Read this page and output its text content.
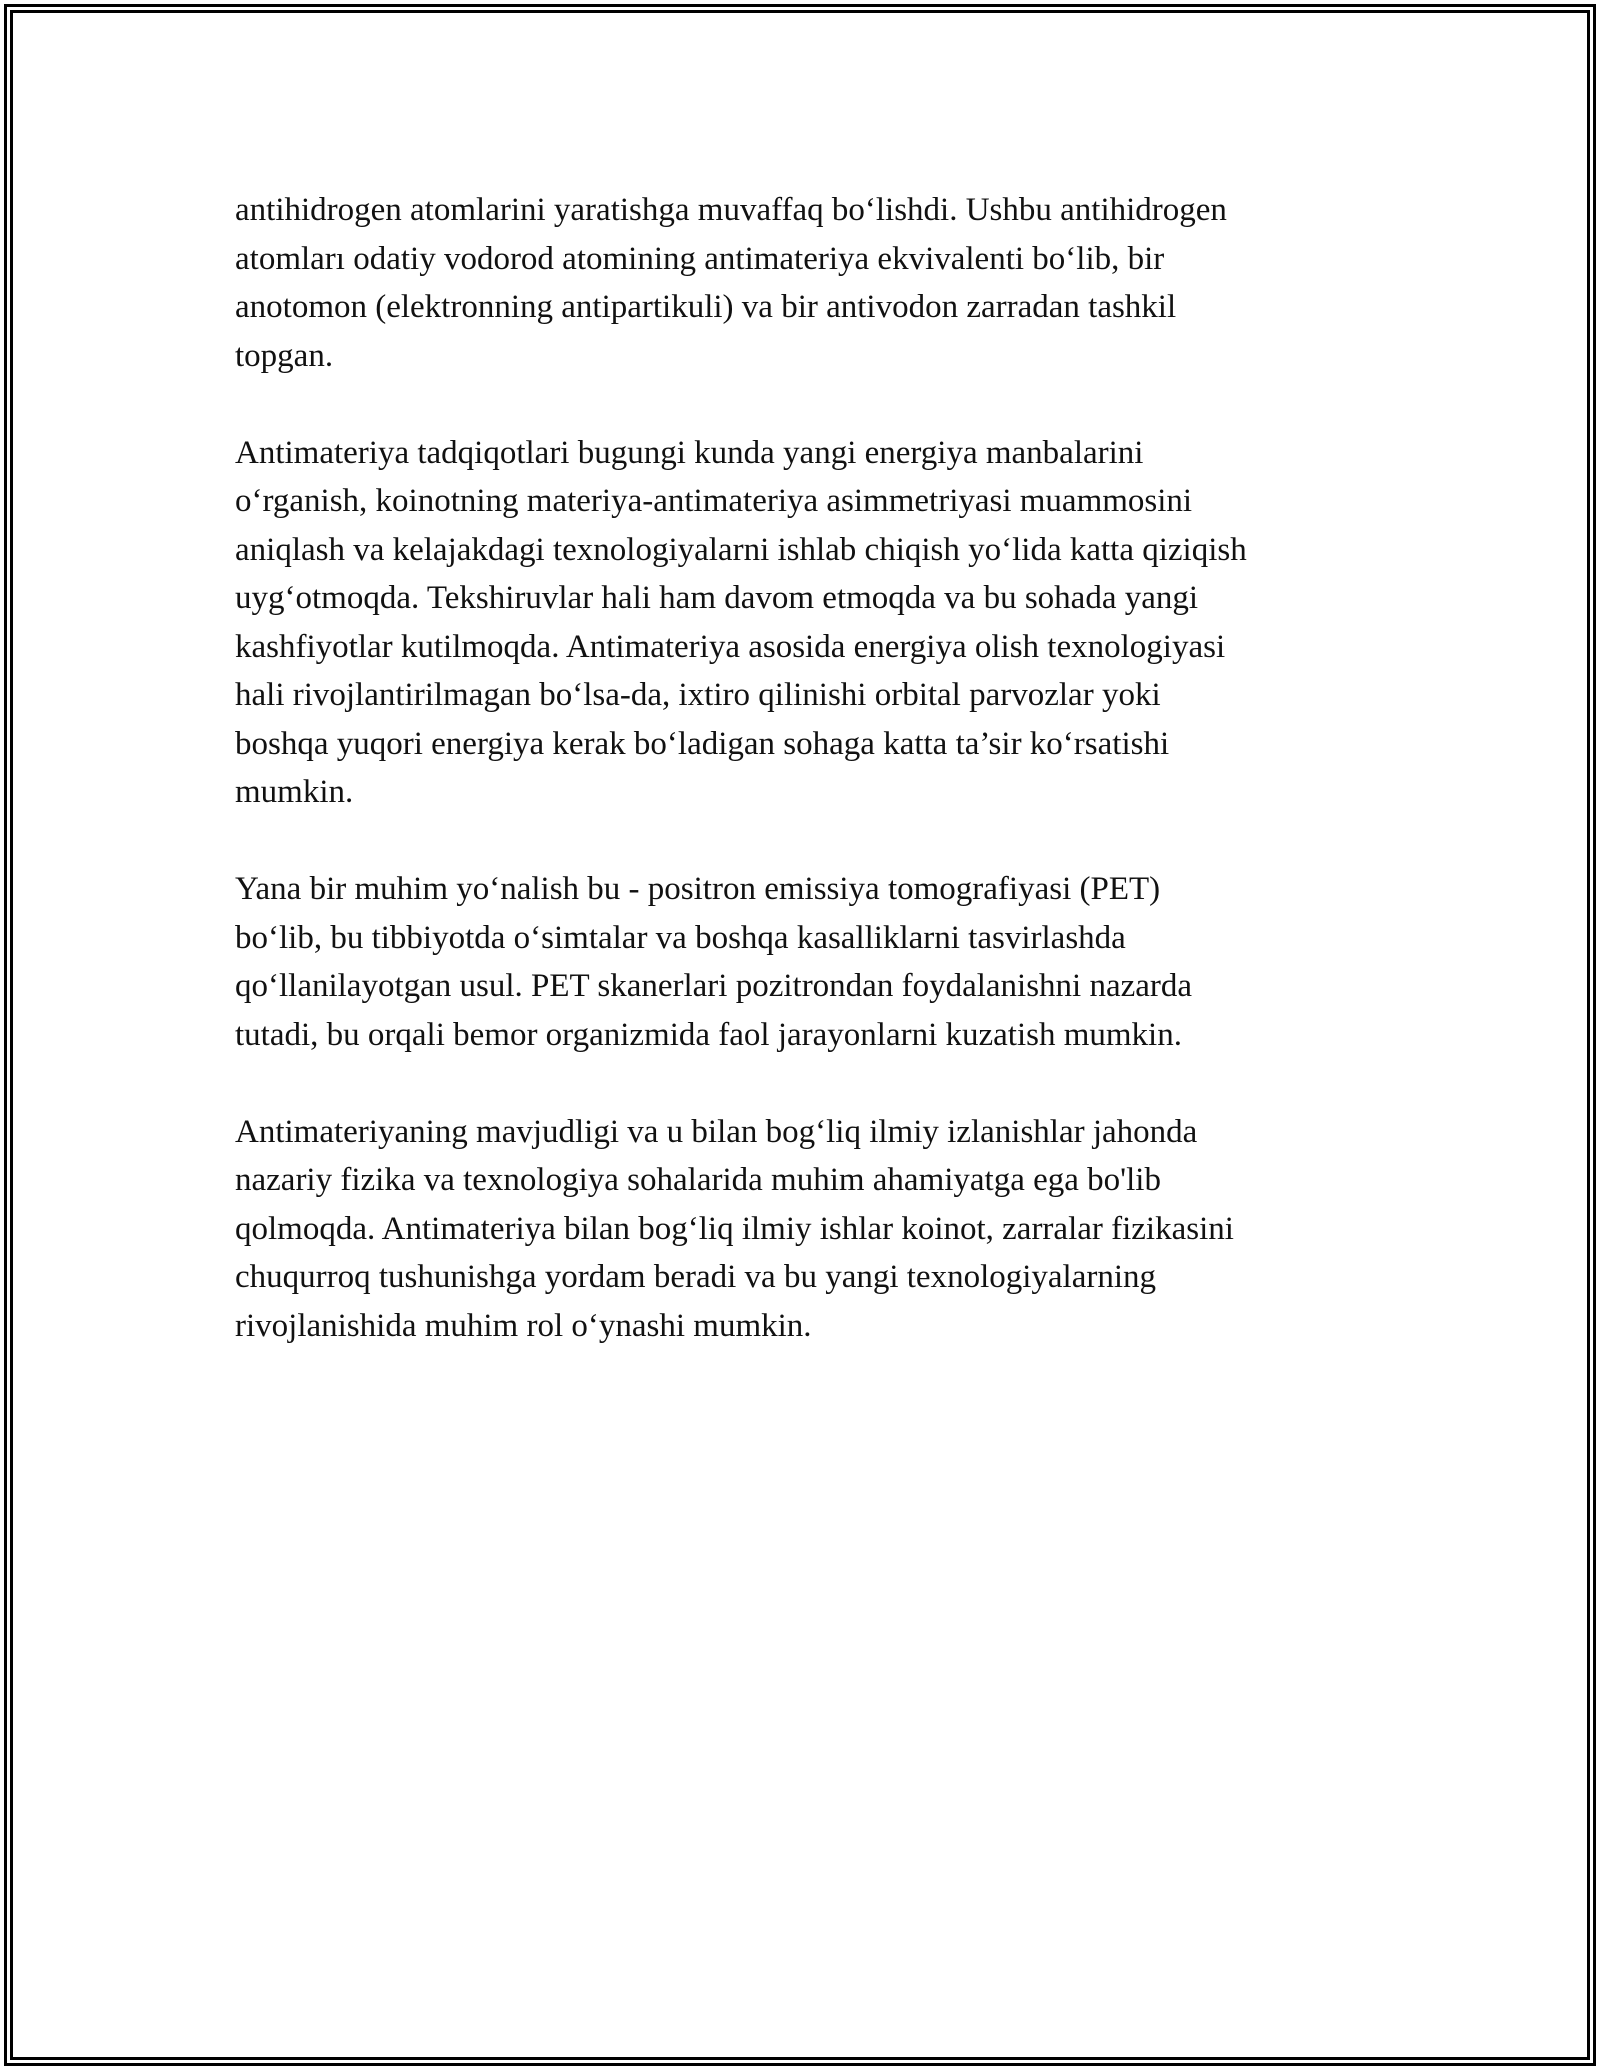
antihidrogen atomlarini yaratishga muvaffaq bo‘lishdi. Ushbu antihidrogen
atomları odatiy vodorod atomining antimateriya ekvivalenti bo‘lib, bir
anotomon (elektronning antipartikuli) va bir antivodon zarradan tashkil
topgan.

Antimateriya tadqiqotlari bugungi kunda yangi energiya manbalarini
o‘rganish, koinotning materiya-antimateriya asimmetriyasi muammosini
aniqlash va kelajakdagi texnologiyalarni ishlab chiqish yo‘lida katta qiziqish
uyg‘otmoqda. Tekshiruvlar hali ham davom etmoqda va bu sohada yangi
kashfiyotlar kutilmoqda. Antimateriya asosida energiya olish texnologiyasi
hali rivojlantirilmagan bo‘lsa-da, ixtiro qilinishi orbital parvozlar yoki
boshqa yuqori energiya kerak bo‘ladigan sohaga katta ta’sir ko‘rsatishi
mumkin.

Yana bir muhim yo‘nalish bu - positron emissiya tomografiyasi (PET)
bo‘lib, bu tibbiyotda o‘simtalar va boshqa kasalliklarni tasvirlashda
qo‘llanilayotgan usul. PET skanerlari pozitrondan foydalanishni nazarda
tutadi, bu orqali bemor organizmida faol jarayonlarni kuzatish mumkin.

Antimateriyaning mavjudligi va u bilan bog‘liq ilmiy izlanishlar jahonda
nazariy fizika va texnologiya sohalarida muhim ahamiyatga ega bo'lib
qolmoqda. Antimateriya bilan bog‘liq ilmiy ishlar koinot, zarralar fizikasini
chuqurroq tushunishga yordam beradi va bu yangi texnologiyalarning
rivojlanishida muhim rol o‘ynashi mumkin.
